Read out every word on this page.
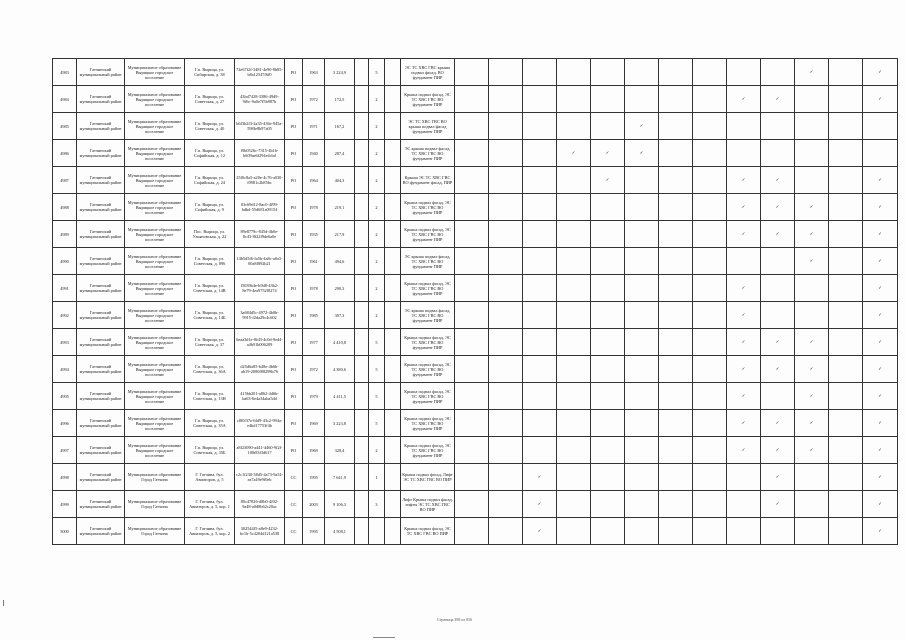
4983	Гатчинский муниципальный район	Муниципальное образование Вырицкое городское поселение	Г.п. Вырица, ул. Сибирская, д. 38	72e67f2f-3481-4e90-8b85-b8a12547f6f0	РО	1963	3 224,9		5		ЭС ТС ХВС ГВС крыша подвал фасад, ВО фундамент ПИР											✓		✓
4984	Гатчинский муниципальный район	Муниципальное образование Вырицкое городское поселение	Г.п. Вырица, ул. Советская, д. 27	43bd7428-3386-49d9-9f6c-9a0e7f5b987b	РО	1972	172,5		2		Крыша подвал фасад, ЭС ТС ХВС ГВС ВО фундамент ПИР									✓	✓			✓
4985	Гатчинский муниципальный район	Муниципальное образование Вырицкое городское поселение	Г.п. Вырица, ул. Советская, д. 40	b6f3b2f3-2a35-436e-945a-598fe8b97a05	РО	1971	167,2		2		ЭС ТС ХВС ГВС ВО крыша подвал фасад фундамент ПИР						✓							
4986	Гатчинский муниципальный район	Муниципальное образование Вырицкое городское поселение	Г.п. Вырица, ул. Софийская, д. 12	f9b0526c-7315-4b1b-b609ae6f294e4cbd	РО	1940	287,4		2		ЭС крыша подвал фасад, ТС ХВС ГВС ВО фундамент ПИР				✓	✓	✓							
4987	Гатчинский муниципальный район	Муниципальное образование Вырицкое городское поселение	Г.п. Вырица, ул. Софийская, д. 24	25f0c8a5-a20e-4c76-a030-f0981c2b85bc	РО	1964	404,3		2		Крыша ЭС ТС ХВС ГВС ВО фундамент фасад, ПИР					✓				✓	✓			✓
4988	Гатчинский муниципальный район	Муниципальное образование Вырицкое городское поселение	Г.п. Вырица, ул. Софийская, д. 9	03c69d12-8ac0-4f99-bdbd-55d681a09154	РО	1978	219,1		2		Крыша подвал фасад, ЭС ТС ХВС ГВС ВО фундамент ПИР									✓	✓	✓		✓
4989	Гатчинский муниципальный район	Муниципальное образование Вырицкое городское поселение	Пос. Вырица, ул. Ульяновская, д. 22	89e8779c-845d-4b0e-8c43-8f22f9de6a0e	РО	1935	217,9		2		Крыша подвал фасад, ЭС ТС ХВС ГВС ВО фундамент ПИР									✓	✓	✓		✓
4990	Гатчинский муниципальный район	Муниципальное образование Вырицкое городское поселение	Г.п. Вырица, ул. Советская, д. 896	14b5d5f6-fa5b-4a8c-a0a5-00a8f892b21	РО	1961	494,6		2		ЭС крыша подвал фасад, ТС ХВС ГВС ВО фундамент ПИР											✓		✓
4991	Гатчинский муниципальный район	Муниципальное образование Вырицкое городское поселение	Г.п. Вырица, ул. Советская, д. 14В	f5039b4e-b9d8-43b2-8e79-4ea9752f8274	РО	1978	290,3		2		Крыша подвал фасад, ЭС ТС ХВС ГВС ВО фундамент ПИР									✓				✓
4992	Гатчинский муниципальный район	Муниципальное образование Вырицкое городское поселение	Г.п. Вырица, ул. Советская, д. 14Б	3a684d5c-4972-4b0b-9915-f2da29c4c602	РО	1985	307,3		2		ЭС крыша подвал фасад, ТС ХВС ГВС ВО фундамент ПИР									✓				✓
4993	Гатчинский муниципальный район	Муниципальное образование Вырицкое городское поселение	Г.п. Вырица, ул. Советская, д. 37	6eaa3d1e-8fd3-4c0d-9ed4-a4b91b006209	РО	1977	4 410,8		5		Крыша подвал фасад, ЭС ТС ХВС ГВС ВО фундамент ПИР									✓	✓	✓		✓
4994	Гатчинский муниципальный район	Муниципальное образование Вырицкое городское поселение	Г.п. Вырица, ул. Советская, д. 36А	d25d6a85-b48e-4b6b-ab19-2080f88298b76	РО	1972	4 380,6		5		Крыша подвал фасад, ЭС ТС ХВС ГВС ВО фундамент ПИР									✓	✓	✓		✓
4995	Гатчинский муниципальный район	Муниципальное образование Вырицкое городское поселение	Г.п. Вырица, ул. Советская, д. 13Н	415bb201-a862-4d6b-ba63-6e4a34aba5dd	РО	1979	4 411,5		5		Крыша подвал фасад, ЭС ТС ХВС ГВС ВО фундамент ПИР									✓		✓		✓
4996	Гатчинский муниципальный район	Муниципальное образование Вырицкое городское поселение	Г.п. Вырица, ул. Советская, д. 35А	cf80f37e-6fd9-43c2-994a-e4bd17753f4b	РО	1969	3 223,8		5		Крыша подвал фасад, ЭС ТС ХВС ГВС ВО фундамент ПИР									✓	✓	✓		✓
4997	Гатчинский муниципальный район	Муниципальное образование Вырицкое городское поселение	Г.п. Вырица, ул. Советская, д. 35Б	a8f23090-a441-4460-9f2f-1f0b83f3d617	РО	1969	328,4		2		Крыша подвал фасад, ЭС ТС ХВС ГВС ВО фундамент ПИР									✓	✓	✓		✓
4998	Гатчинский муниципальный район	Муниципальное образование Город Гатчина	Г. Гатчина, бул. Авиаторов, д. 5	c2c1f230-38d5-4a73-9a54-ea7a49e9f0eb	СС	1995	7 641,9		1		Крыша подвал фасад, Лифт ЭС ТС ХВС ГВС ВО ПИР			✓							✓			✓
4999	Гатчинский муниципальный район	Муниципальное образование Город Гатчина	Г. Гатчина, бул. Авиаторов, д. 5, кор. 1	80c47826-d8b0-4f02-9a48-a0d8b62c20ac	СС	2003	9 106,3		3		Лифт Крыша подвал фасад, лифты ЭС ТС ХВС ГВС ВО ПИР			✓							✓			✓
5000	Гатчинский муниципальный район	Муниципальное образование Город Гатчина	Г. Гатчина, бул. Авиаторов, д. 5, кор. 2	302544f5-a8e9-4232-bc1b-5c4204d121a538	СС	1995	4 508,1				Крыша подвал фасад, ЭС ТС ХВС ГВС ВО ПИР			✓										✓
Страница 398 из 856
